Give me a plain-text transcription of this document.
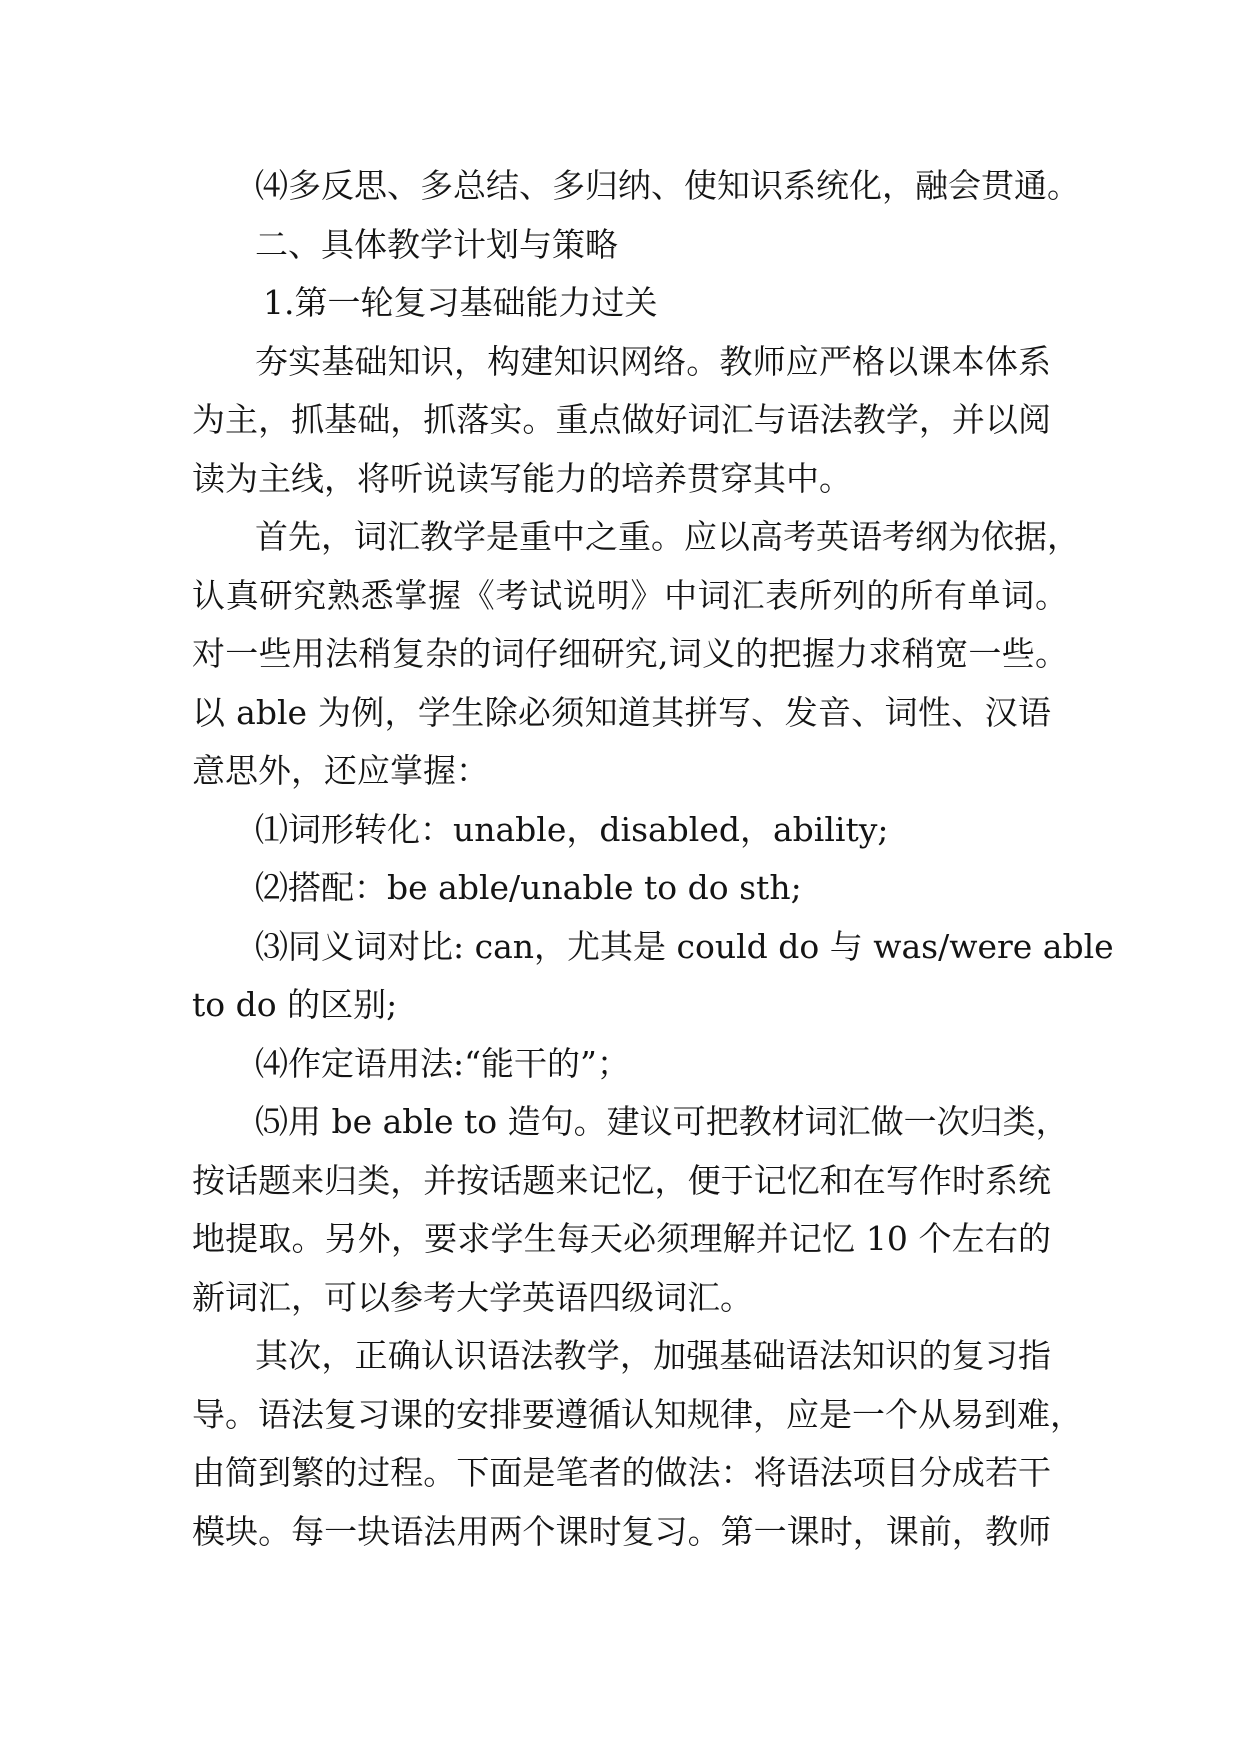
⑷多反思、多总结、多归纳、使知识系统化，融会贯通。
二、具体教学计划与策略
1.第一轮复习基础能力过关
夯实基础知识，构建知识网络。教师应严格以课本体系
为主，抓基础，抓落实。重点做好词汇与语法教学，并以阅
读为主线，将听说读写能力的培养贯穿其中。
首先，词汇教学是重中之重。应以高考英语考纲为依据，
认真研究熟悉掌握《考试说明》中词汇表所列的所有单词。
对一些用法稍复杂的词仔细研究,词义的把握力求稍宽一些。
以 able 为例，学生除必须知道其拼写、发音、词性、汉语
意思外，还应掌握：
⑴词形转化：unable，disabled，ability;
⑵搭配：be able/unable to do sth;
⑶同义词对比: can，尤其是 could do 与 was/were able
to do 的区别;
⑷作定语用法:“能干的”；
⑸用 be able to 造句。建议可把教材词汇做一次归类，
按话题来归类，并按话题来记忆，便于记忆和在写作时系统
地提取。另外，要求学生每天必须理解并记忆 10 个左右的
新词汇，可以参考大学英语四级词汇。
其次，正确认识语法教学，加强基础语法知识的复习指
导。语法复习课的安排要遵循认知规律，应是一个从易到难，
由简到繁的过程。下面是笔者的做法：将语法项目分成若干
模块。每一块语法用两个课时复习。第一课时，课前，教师
